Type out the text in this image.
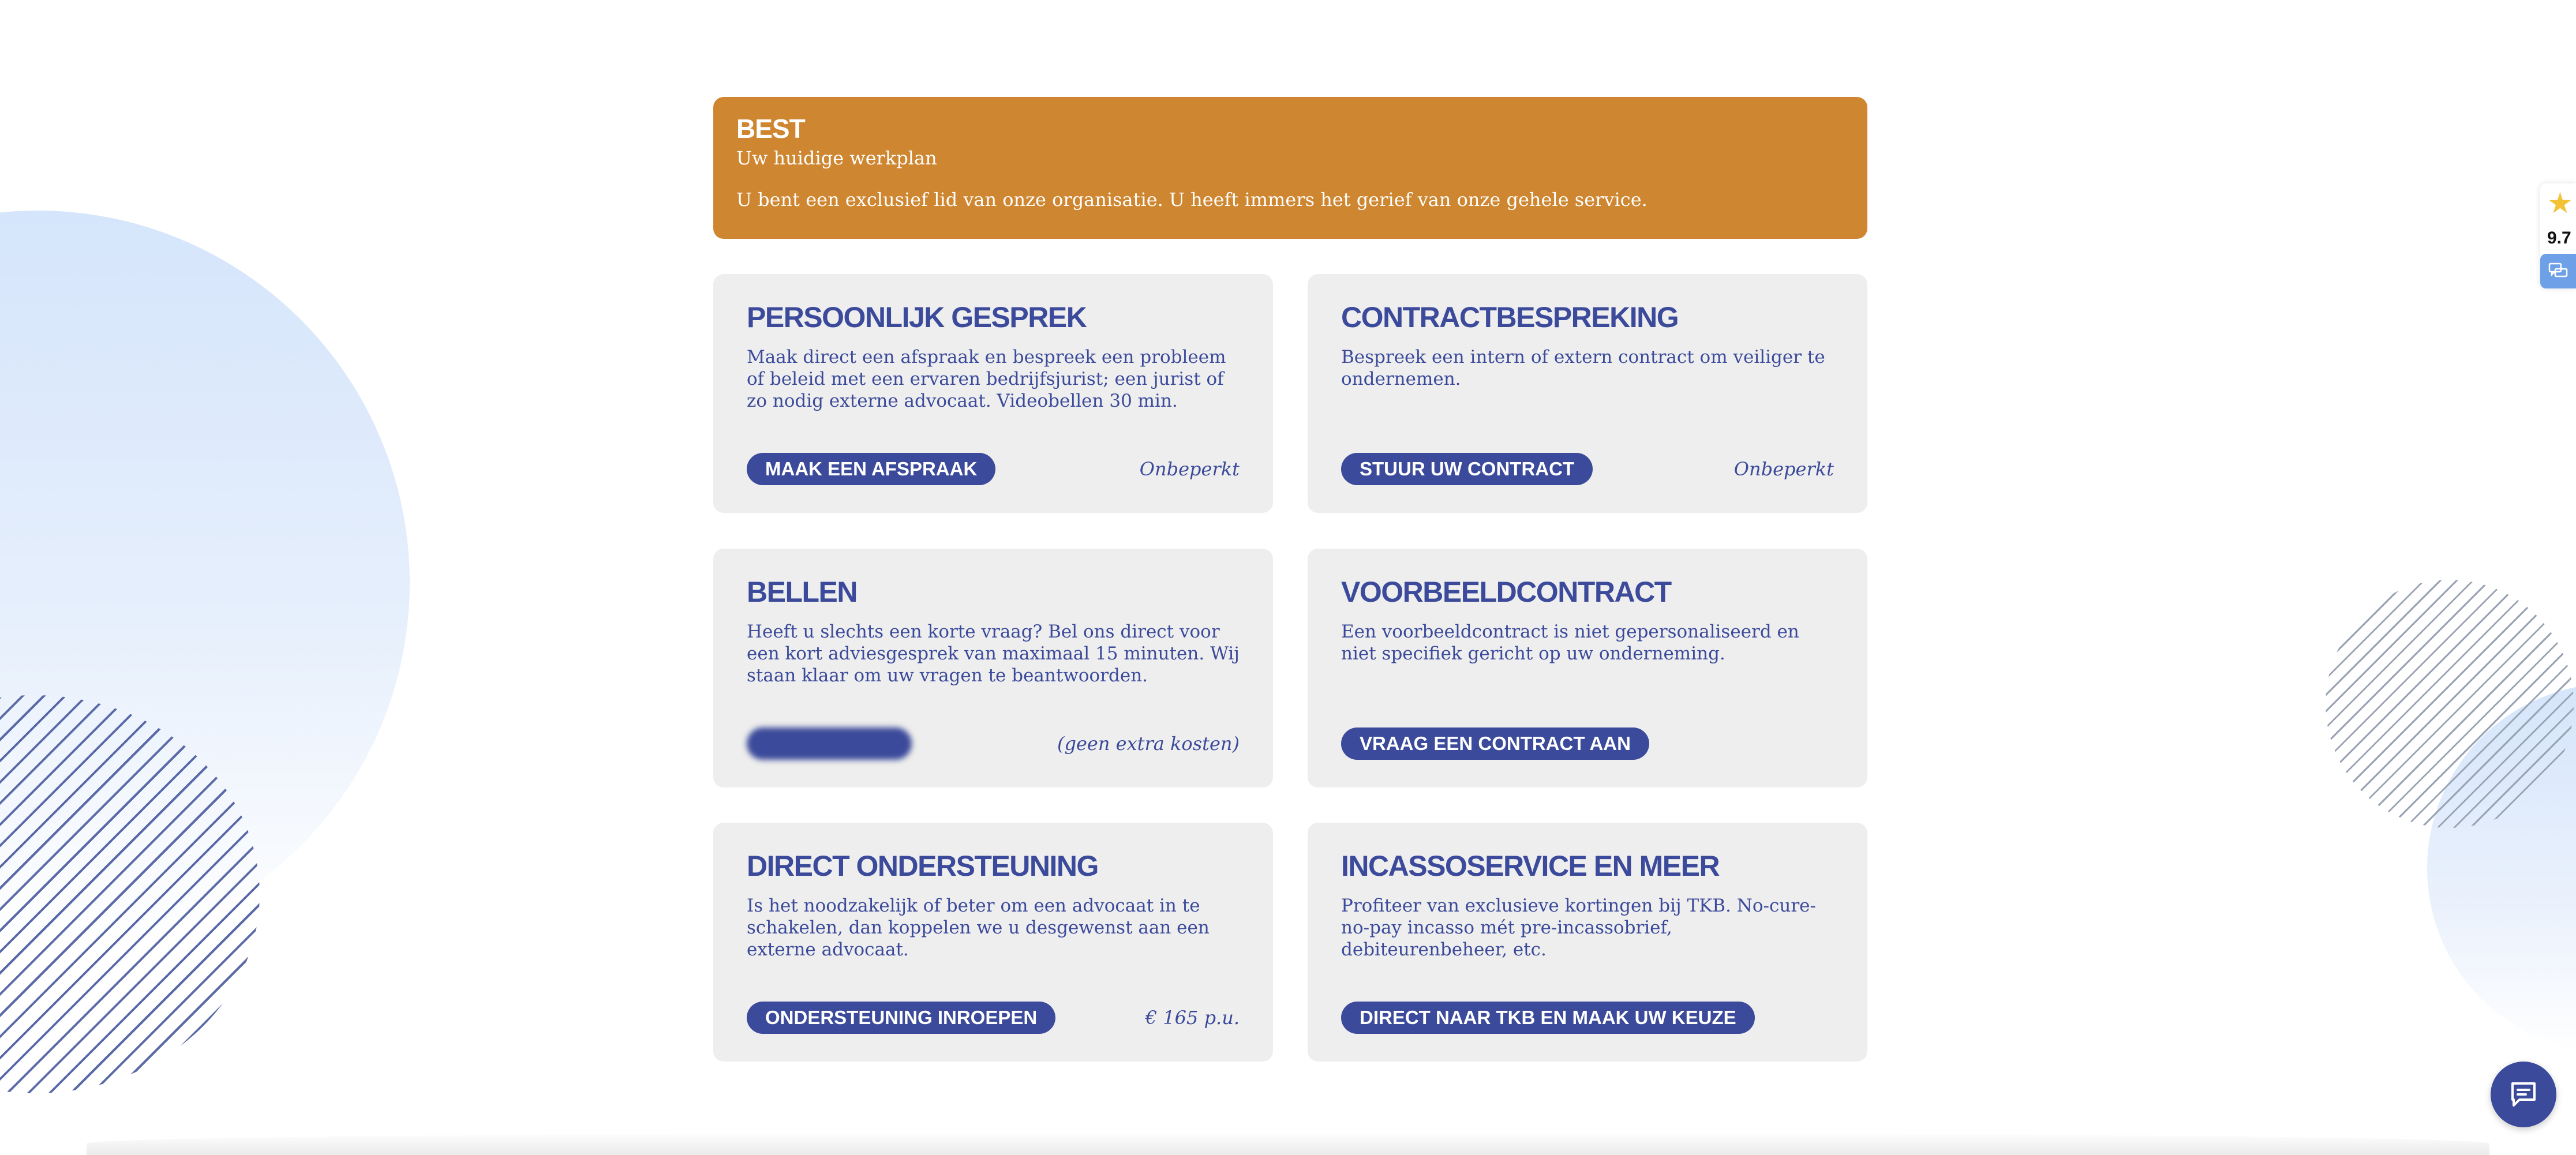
BEST
Uw huidige werkplan
U bent een exclusief lid van onze organisatie. U heeft immers het gerief van onze gehele service.
PERSOONLIJK GESPREK
Maak direct een afspraak en bespreek een probleem of beleid met een ervaren bedrijfsjurist; een jurist of zo nodig externe advocaat. Videobellen 30 min.
MAAK EEN AFSPRAAK	Onbeperkt
CONTRACTBESPREKING
Bespreek een intern of extern contract om veiliger te ondernemen.
STUUR UW CONTRACT	Onbeperkt
BELLEN
Heeft u slechts een korte vraag? Bel ons direct voor een kort adviesgesprek van maximaal 15 minuten. Wij staan klaar om uw vragen te beantwoorden.
(geen extra kosten)
VOORBEELDCONTRACT
Een voorbeeldcontract is niet gepersonaliseerd en niet specifiek gericht op uw onderneming.
VRAAG EEN CONTRACT AAN
DIRECT ONDERSTEUNING
Is het noodzakelijk of beter om een advocaat in te schakelen, dan koppelen we u desgewenst aan een externe advocaat.
ONDERSTEUNING INROEPEN	€ 165 p.u.
INCASSOSERVICE EN MEER
Profiteer van exclusieve kortingen bij TKB. No-cure-no-pay incasso mét pre-incassobrief, debiteurenbeheer, etc.
DIRECT NAAR TKB EN MAAK UW KEUZE
★
9.7
